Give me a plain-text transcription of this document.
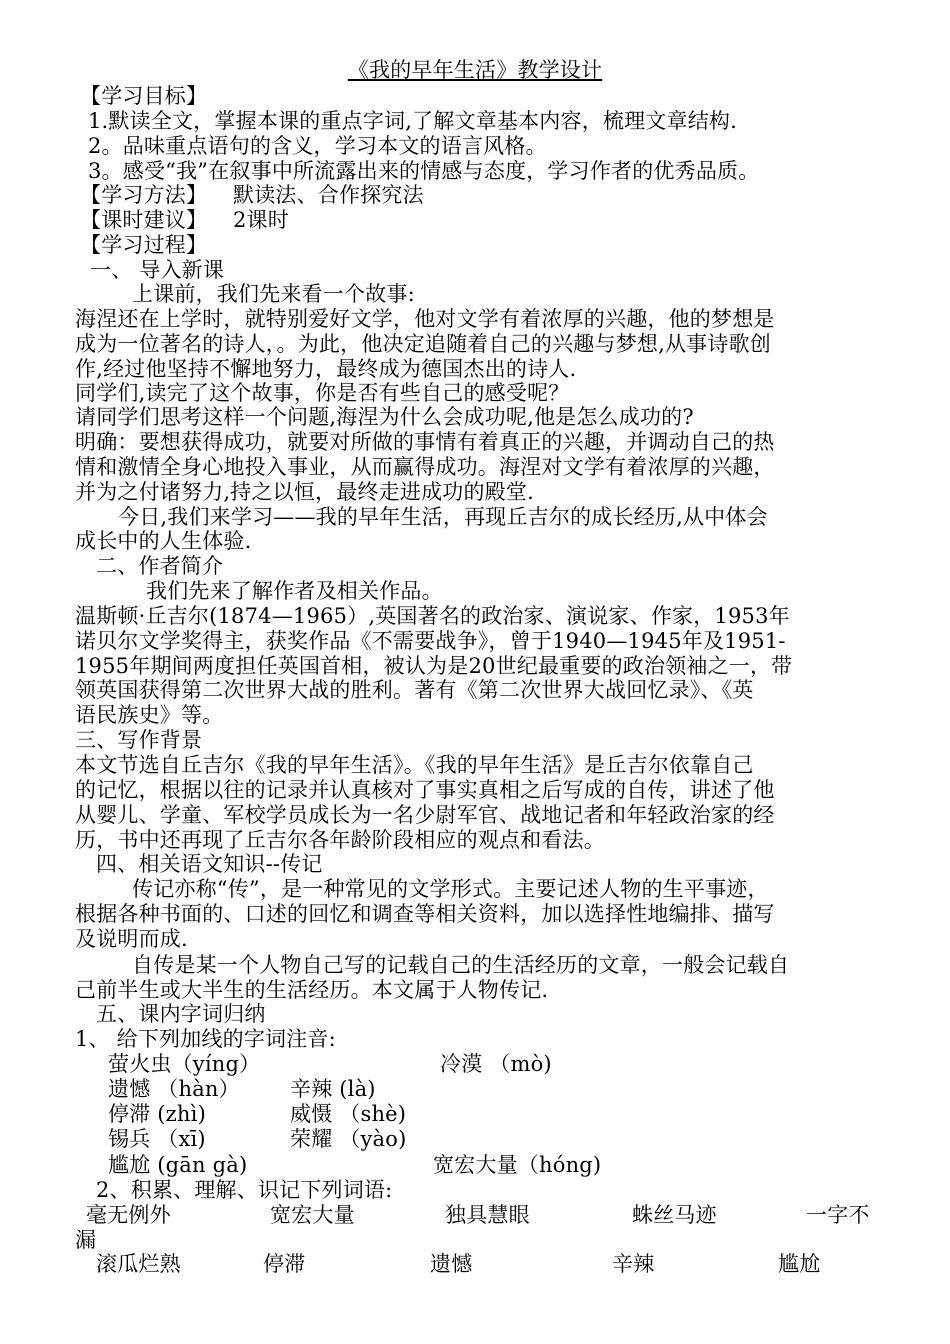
《我的早年生活》教学设计
【学习目标】
1.默读全文，掌握本课的重点字词,了解文章基本内容，梳理文章结构.
2。品味重点语句的含义，学习本文的语言风格。
3。感受“我”在叙事中所流露出来的情感与态度，学习作者的优秀品质。
【学习方法】 默读法、合作探究法
【课时建议】 2课时
【学习过程】
一、 导入新课
上课前，我们先来看一个故事:
海涅还在上学时，就特别爱好文学，他对文学有着浓厚的兴趣，他的梦想是
成为一位著名的诗人，。为此，他决定追随着自己的兴趣与梦想,从事诗歌创
作,经过他坚持不懈地努力，最终成为德国杰出的诗人.
同学们,读完了这个故事，你是否有些自己的感受呢？
请同学们思考这样一个问题,海涅为什么会成功呢,他是怎么成功的?
明确：要想获得成功，就要对所做的事情有着真正的兴趣，并调动自己的热
情和激情全身心地投入事业，从而赢得成功。海涅对文学有着浓厚的兴趣，
并为之付诸努力,持之以恒，最终走进成功的殿堂.
今日,我们来学习——我的早年生活，再现丘吉尔的成长经历,从中体会
成长中的人生体验.
二、作者简介
我们先来了解作者及相关作品。
温斯顿·丘吉尔(1874—1965）,英国著名的政治家、演说家、作家，1953年
诺贝尔文学奖得主，获奖作品《不需要战争》，曾于1940—1945年及1951-
1955年期间两度担任英国首相，被认为是20世纪最重要的政治领袖之一，带
领英国获得第二次世界大战的胜利。著有《第二次世界大战回忆录》、《英
语民族史》等。
三、写作背景
本文节选自丘吉尔《我的早年生活》。《我的早年生活》是丘吉尔依靠自己
的记忆，根据以往的记录并认真核对了事实真相之后写成的自传，讲述了他
从婴儿、学童、军校学员成长为一名少尉军官、战地记者和年轻政治家的经
历，书中还再现了丘吉尔各年龄阶段相应的观点和看法。
四、相关语文知识--传记
传记亦称“传”，是一种常见的文学形式。主要记述人物的生平事迹，
根据各种书面的、口述的回忆和调查等相关资料，加以选择性地编排、描写
及说明而成.
自传是某一个人物自己写的记载自己的生活经历的文章，一般会记载自
己前半生或大半生的生活经历。本文属于人物传记.
五、课内字词归纳
1、 给下列加线的字词注音:
萤火虫（yíng）	冷漠 （mò)
遗憾 （hàn） 辛辣 (là)
停滞 (zhì)	威慑 （shè)
锡兵 （xī)	荣耀 （yào)
尴尬 (gān gà)	宽宏大量（hóng)
2、积累、理解、识记下列词语:
毫无例外	宽宏大量	独具慧眼	蛛丝马迹	一字不
漏
滚瓜烂熟	停滞	遗憾	辛辣	尴尬
